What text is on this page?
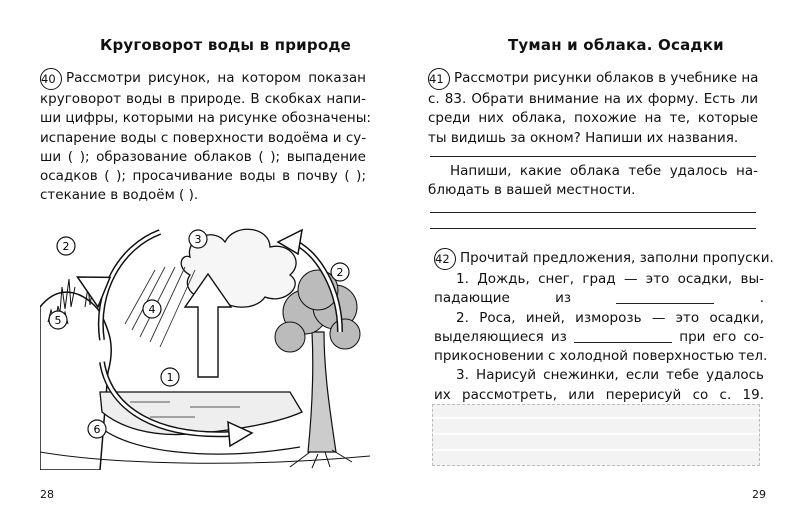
Круговорот воды в природе
40 Рассмотри рисунок, на котором показан
круговорот воды в природе. В скобках напи-
ши цифры, которыми на рисунке обозначены:
испарение воды с поверхности водоёма и су-
ши ( ); образование облаков ( ); выпадение
осадков ( ); просачивание воды в почву ( );
стекание в водоём ( ).
1
2
3
4
5
6
2
28
Туман и облака. Осадки
41 Рассмотри рисунки облаков в учебнике на
с. 83. Обрати внимание на их форму. Есть ли
среди них облака, похожие на те, которые
ты видишь за окном? Напиши их названия.
Напиши, какие облака тебе удалось на-
блюдать в вашей местности.
42 Прочитай предложения, заполни пропуски.
1. Дождь, снег, град — это осадки, вы-
падающие из	.
2. Роса, иней, изморозь — это осадки,
выделяющиеся из	при его со-
прикосновении с холодной поверхностью тел.
3. Нарисуй снежинки, если тебе удалось
их рассмотреть, или перерисуй со с. 19.
29
